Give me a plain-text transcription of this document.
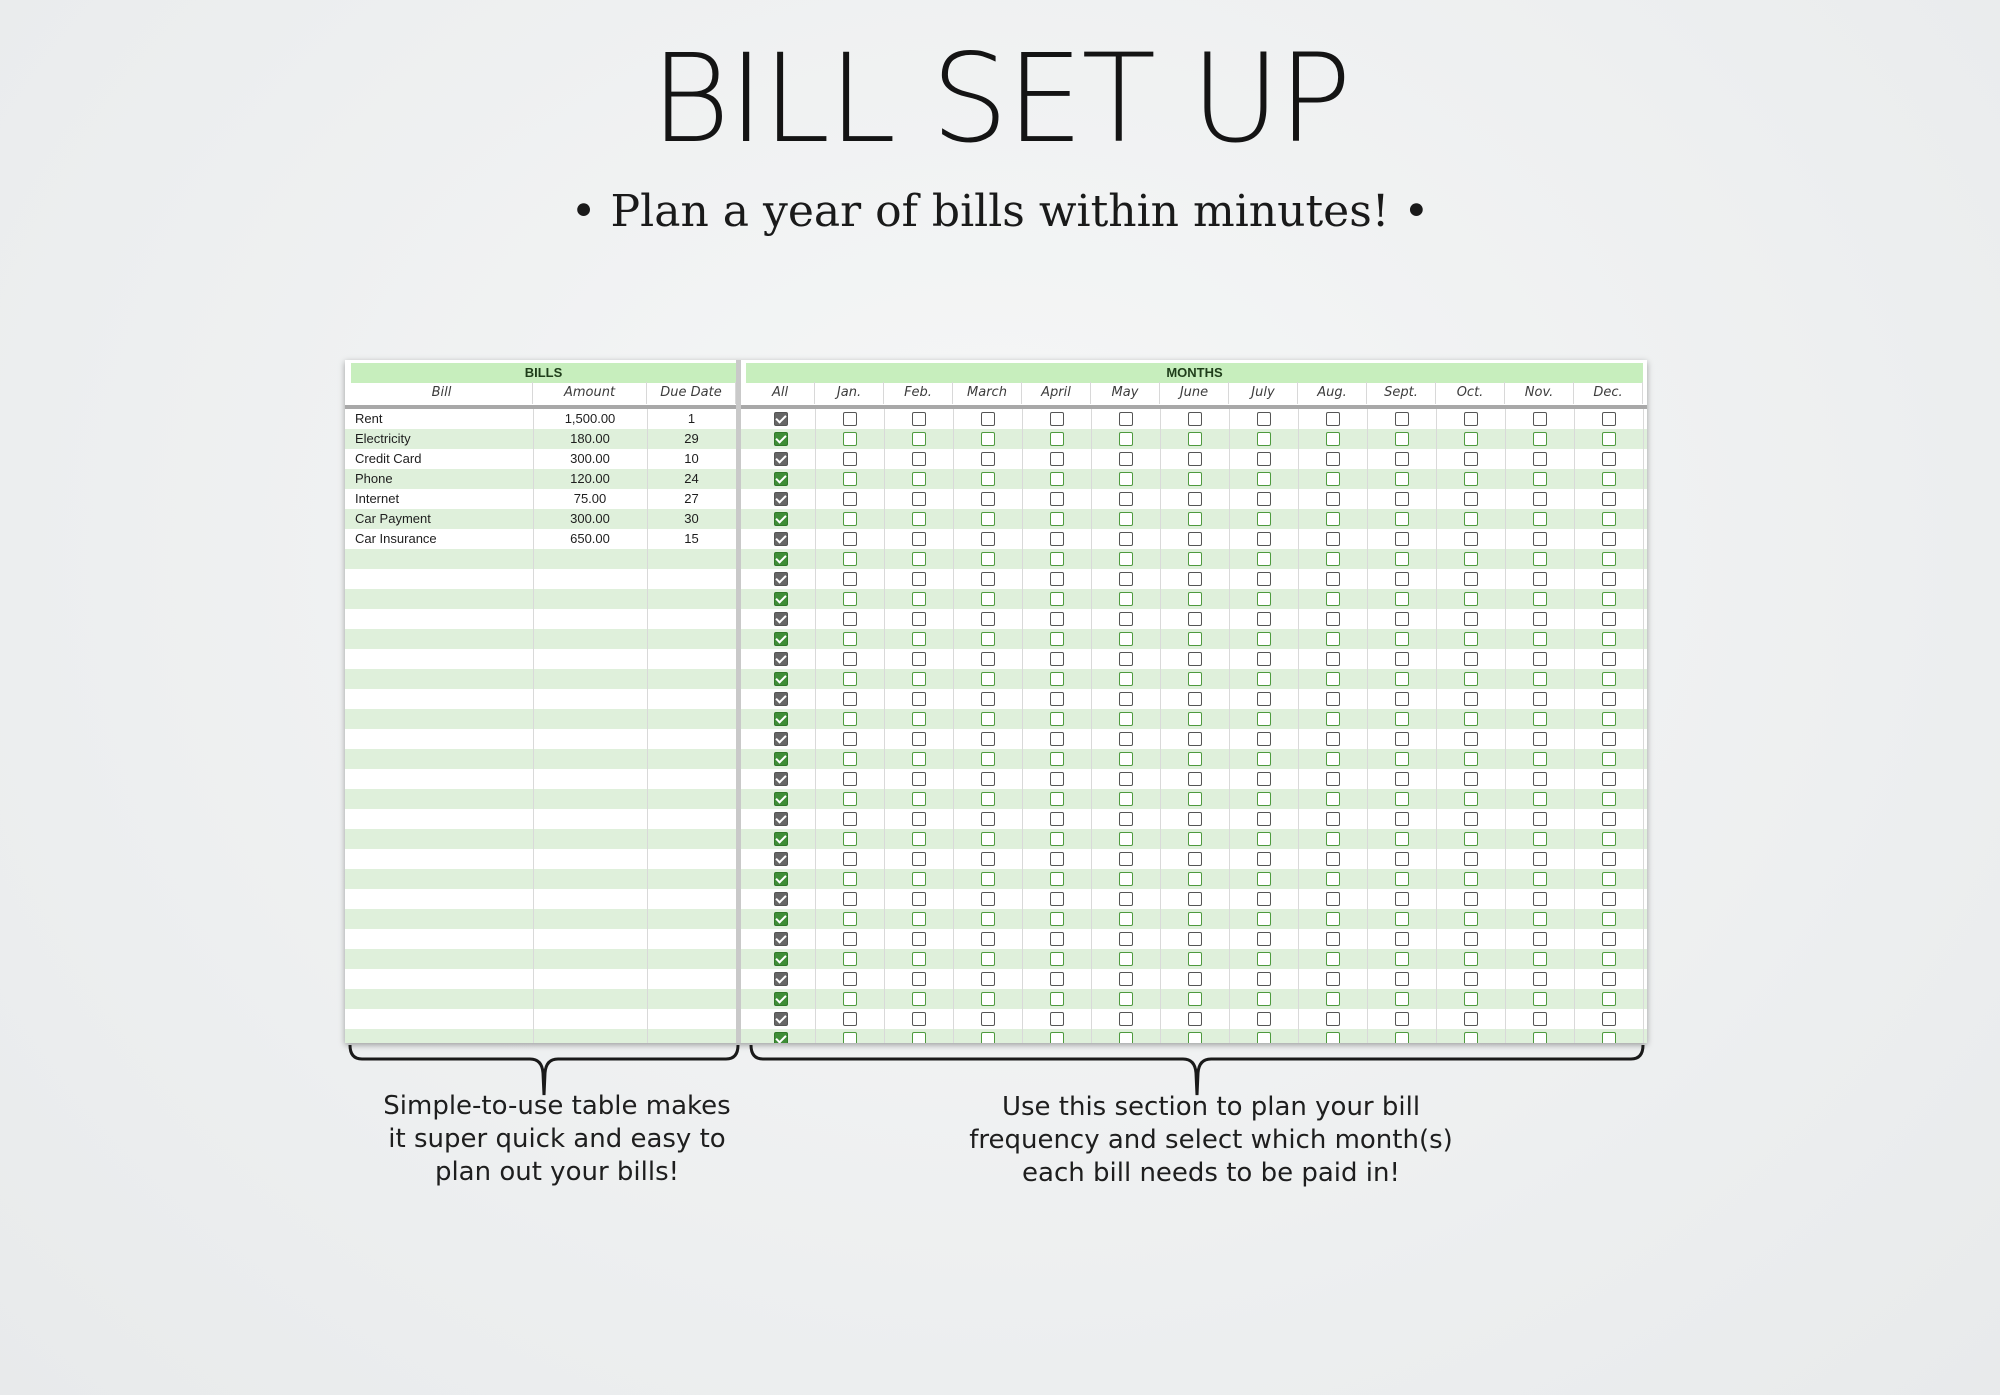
BILL SET UP
• Plan a year of bills within minutes! •
BILLS	MONTHS
Bill	Amount	Due Date	All	Jan.	Feb.	March	April	May	June	July	Aug.	Sept.	Oct.	Nov.	Dec.
Rent	1,500.00	1
Electricity	180.00	29
Credit Card	300.00	10
Phone	120.00	24
Internet	75.00	27
Car Payment	300.00	30
Car Insurance	650.00	15
Simple-to-use table makes
it super quick and easy to
plan out your bills!
Use this section to plan your bill
frequency and select which month(s)
each bill needs to be paid in!
